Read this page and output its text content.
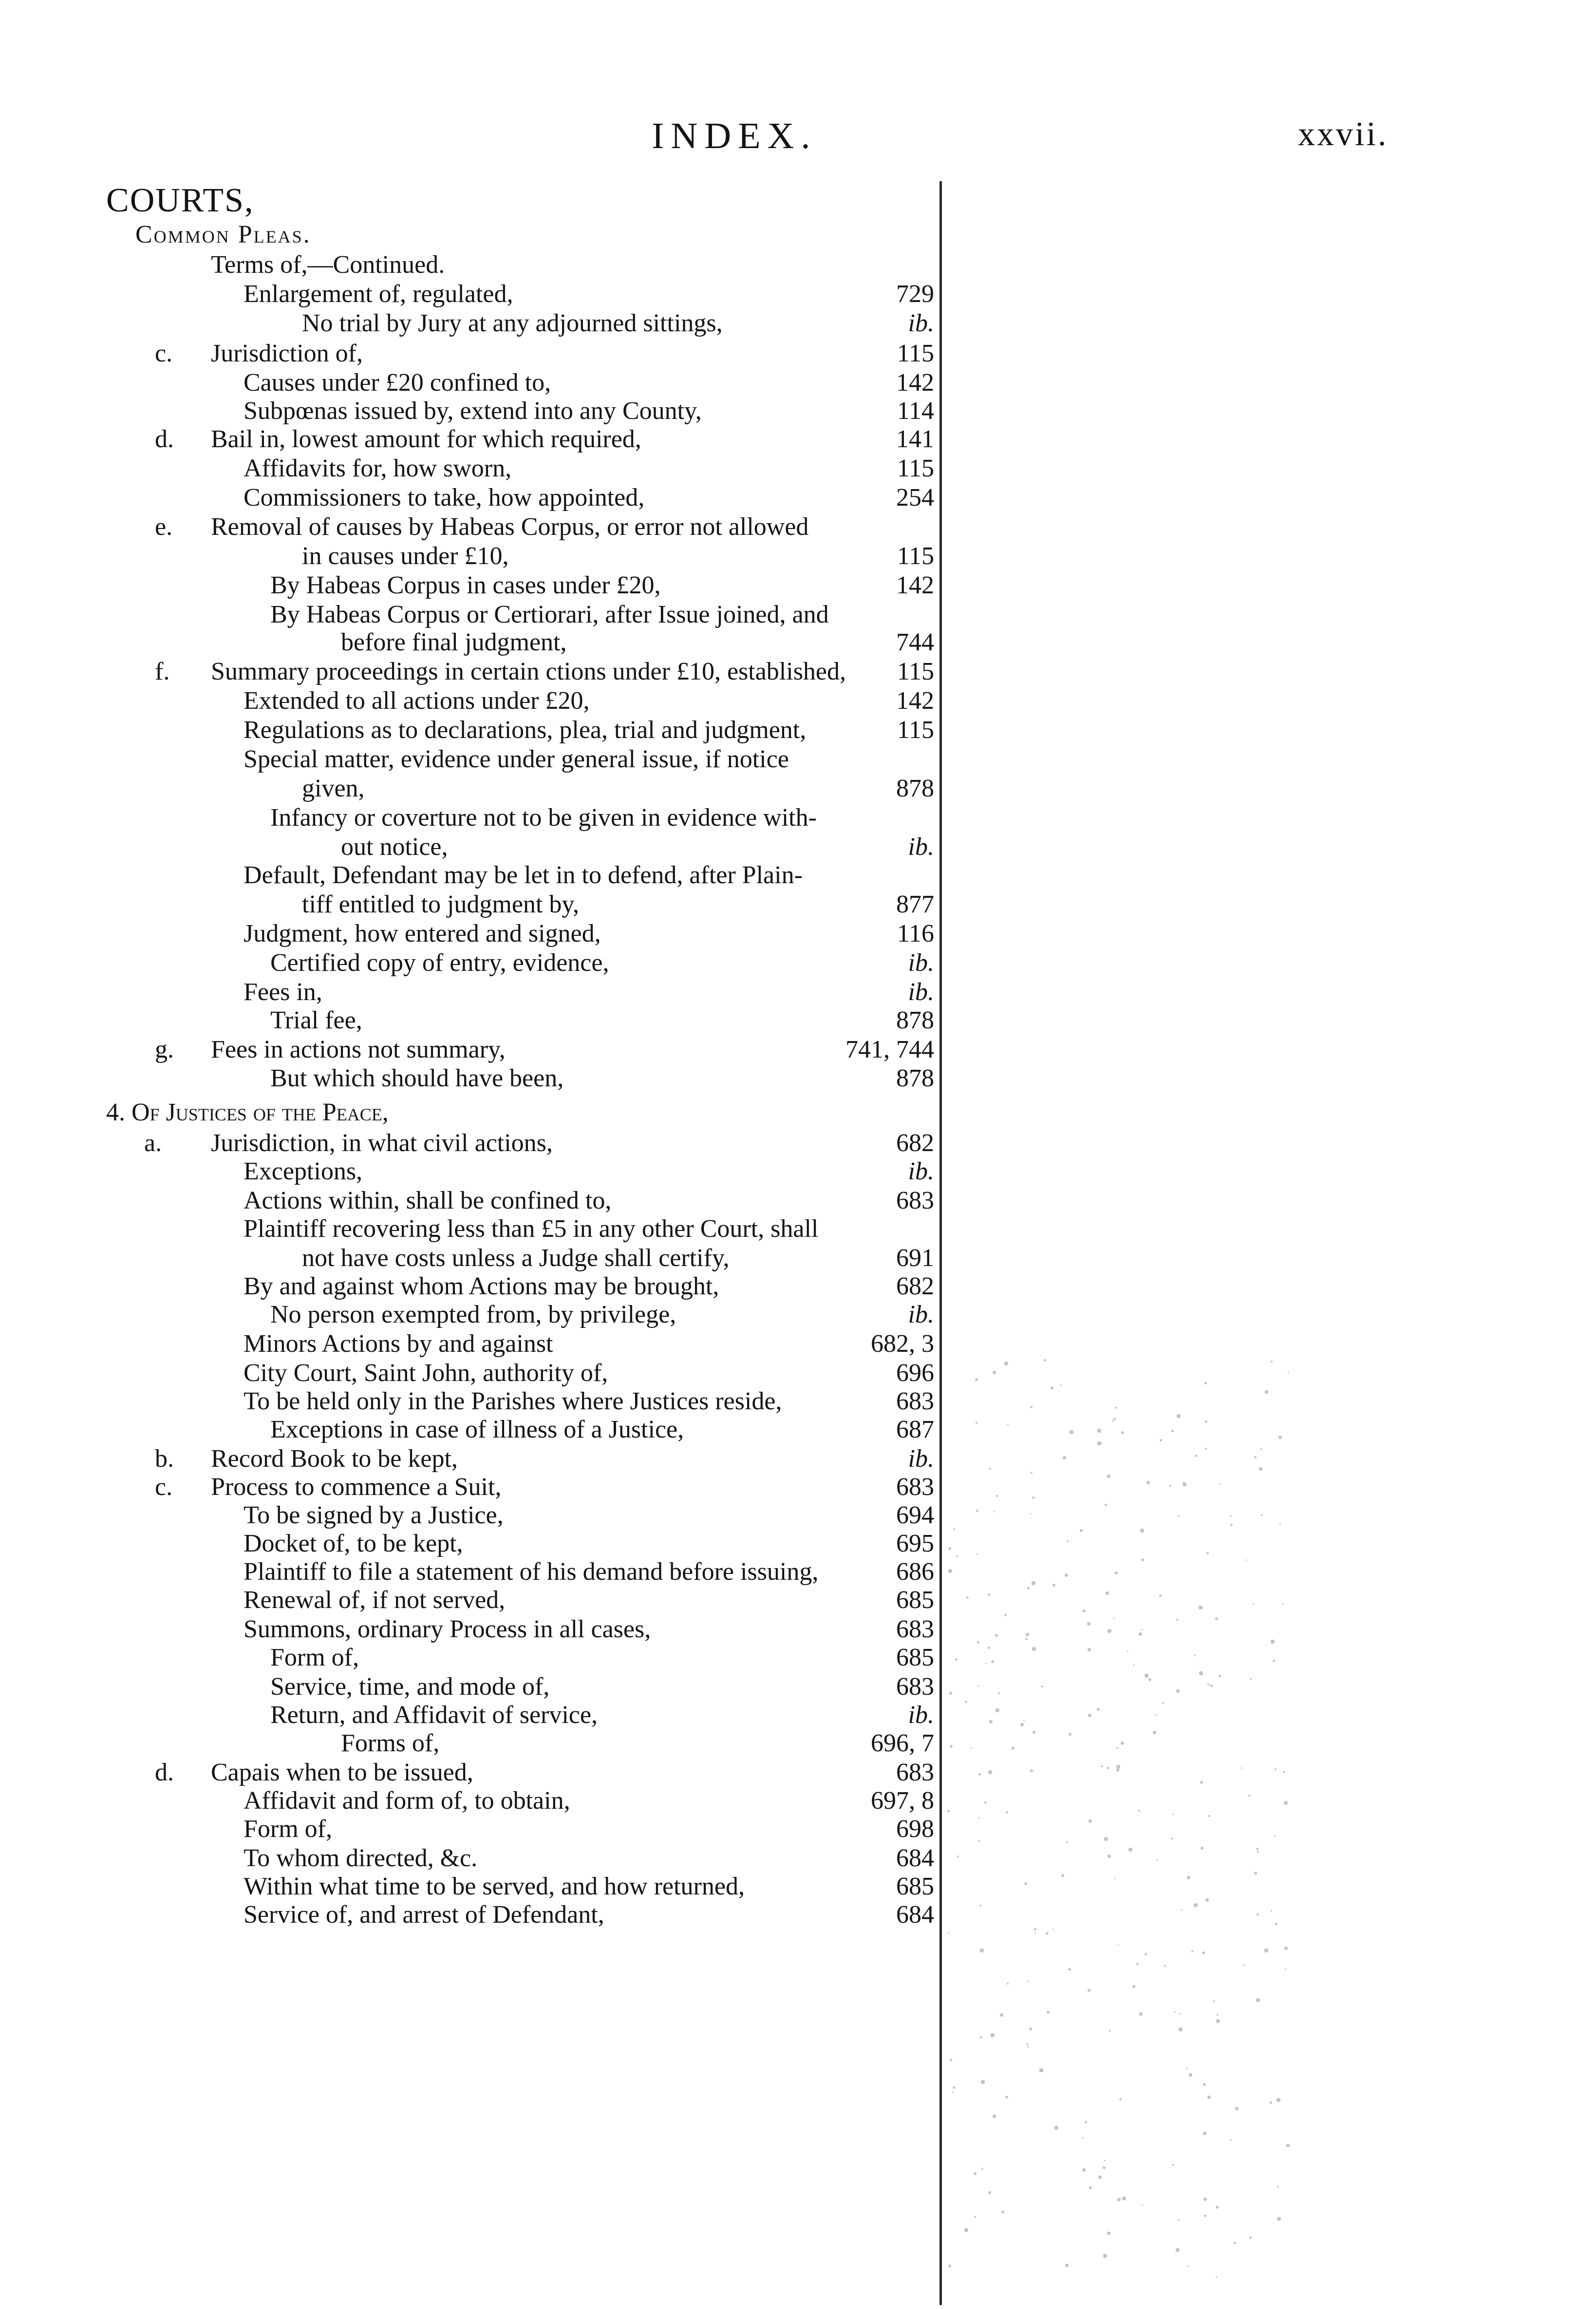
INDEX.	xxvii.
COURTS,
Common Pleas.
Terms of,—Continued.
Enlargement of, regulated,	729
No trial by Jury at any adjourned sittings,	ib.
c. Jurisdiction of,	115
Causes under £20 confined to,	142
Subpœnas issued by, extend into any County,	114
d. Bail in, lowest amount for which required,	141
Affidavits for, how sworn,	115
Commissioners to take, how appointed,	254
e. Removal of causes by Habeas Corpus, or error not allowed
in causes under £10,	115
By Habeas Corpus in cases under £20,	142
By Habeas Corpus or Certiorari, after Issue joined, and
before final judgment,	744
f. Summary proceedings in certain ctions under £10, established, 115
Extended to all actions under £20,	142
Regulations as to declarations, plea, trial and judgment,	115
Special matter, evidence under general issue, if notice
given,	878
Infancy or coverture not to be given in evidence with-
out notice,	ib.
Default, Defendant may be let in to defend, after Plain-
tiff entitled to judgment by,	877
Judgment, how entered and signed,	116
Certified copy of entry, evidence,	ib.
Fees in,	ib.
Trial fee,	878
g. Fees in actions not summary,	741, 744
But which should have been,	878
4. Of Justices of the Peace,
a. Jurisdiction, in what civil actions,	682
Exceptions,	ib.
Actions within, shall be confined to,	683
Plaintiff recovering less than £5 in any other Court, shall
not have costs unless a Judge shall certify,	691
By and against whom Actions may be brought,	682
No person exempted from, by privilege,	ib.
Minors Actions by and against	682, 3
City Court, Saint John, authority of,	696
To be held only in the Parishes where Justices reside,	683
Exceptions in case of illness of a Justice,	687
b. Record Book to be kept,	ib.
c. Process to commence a Suit,	683
To be signed by a Justice,	694
Docket of, to be kept,	695
Plaintiff to file a statement of his demand before issuing,	686
Renewal of, if not served,	685
Summons, ordinary Process in all cases,	683
Form of,	685
Service, time, and mode of,	683
Return, and Affidavit of service,	ib.
Forms of,	696, 7
d. Capais when to be issued,	683
Affidavit and form of, to obtain,	697, 8
Form of,	698
To whom directed, &c.	684
Within what time to be served, and how returned,	685
Service of, and arrest of Defendant,	684
